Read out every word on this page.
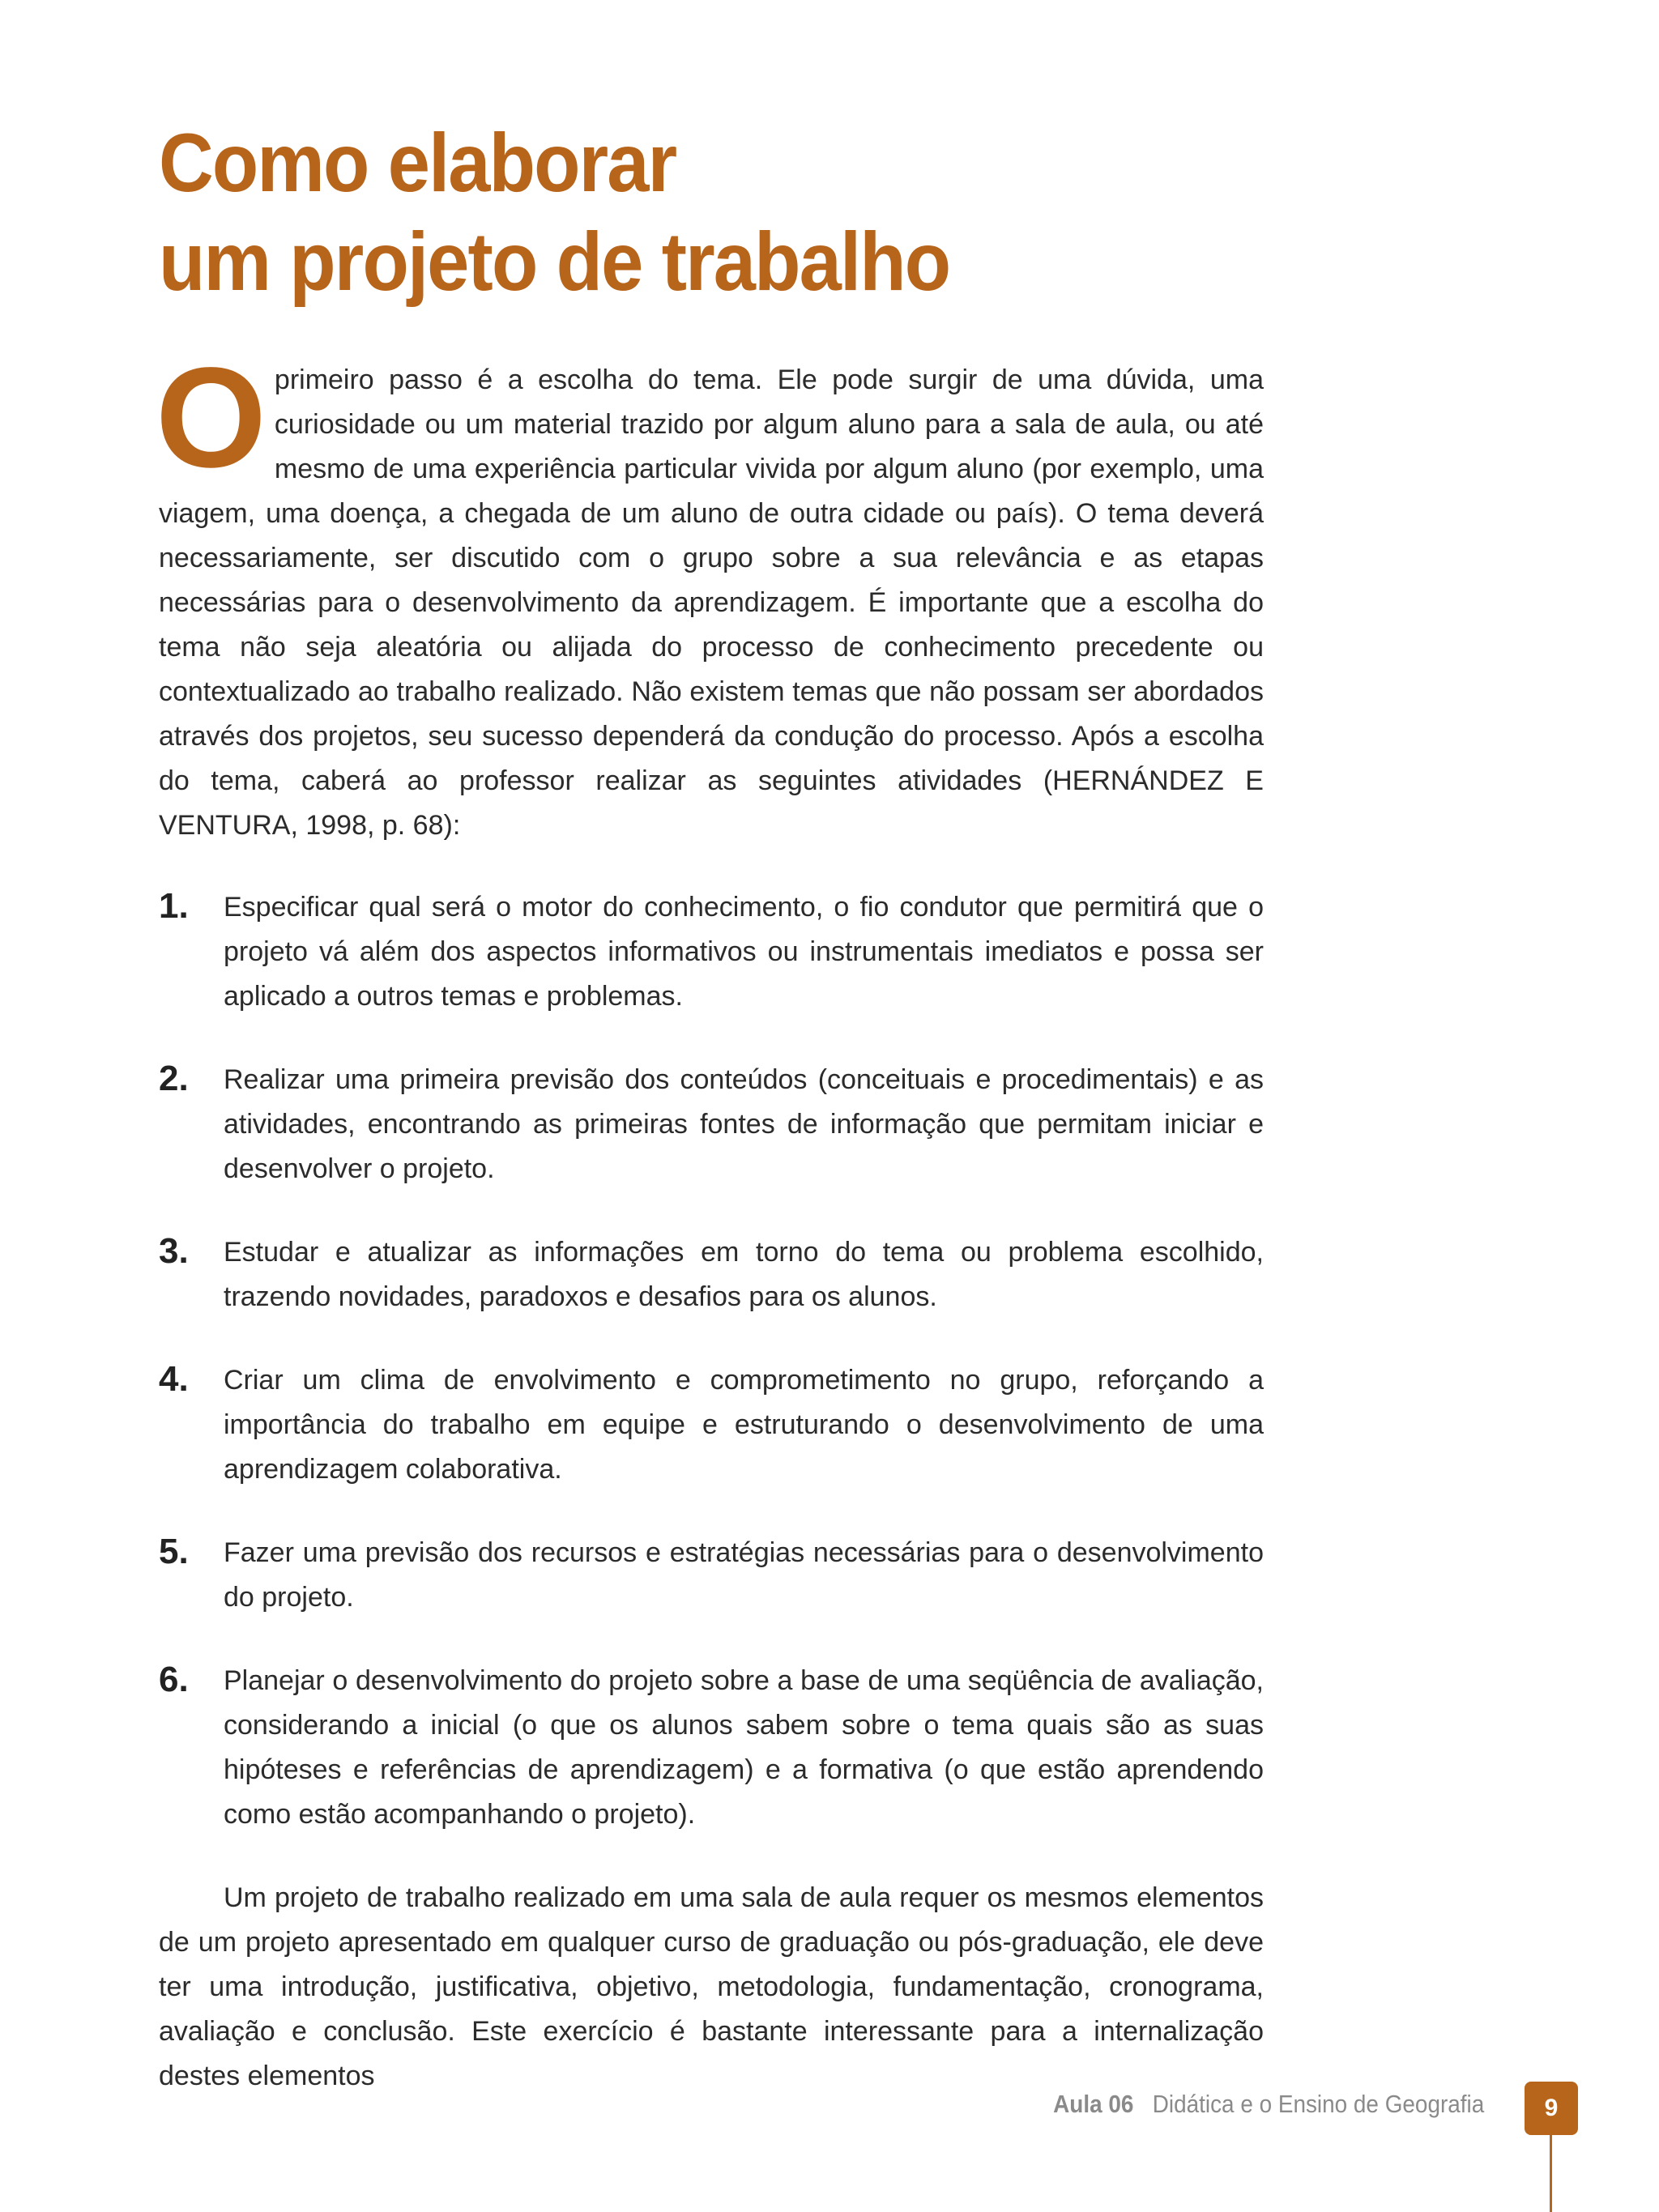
Como elaborar
um projeto de trabalho

O primeiro passo é a escolha do tema. Ele pode surgir de uma dúvida, uma curiosidade ou um material trazido por algum aluno para a sala de aula, ou até mesmo de uma experiência particular vivida por algum aluno (por exemplo, uma viagem, uma doença, a chegada de um aluno de outra cidade ou país). O tema deverá necessariamente, ser discutido com o grupo sobre a sua relevância e as etapas necessárias para o desenvolvimento da aprendizagem. É importante que a escolha do tema não seja aleatória ou alijada do processo de conhecimento precedente ou contextualizado ao trabalho realizado. Não existem temas que não possam ser abordados através dos projetos, seu sucesso dependerá da condução do processo. Após a escolha do tema, caberá ao professor realizar as seguintes atividades (HERNÁNDEZ E VENTURA, 1998, p. 68):

1. Especificar qual será o motor do conhecimento, o fio condutor que permitirá que o projeto vá além dos aspectos informativos ou instrumentais imediatos e possa ser aplicado a outros temas e problemas.
2. Realizar uma primeira previsão dos conteúdos (conceituais e procedimentais) e as atividades, encontrando as primeiras fontes de informação que permitam iniciar e desenvolver o projeto.
3. Estudar e atualizar as informações em torno do tema ou problema escolhido, trazendo novidades, paradoxos e desafios para os alunos.
4. Criar um clima de envolvimento e comprometimento no grupo, reforçando a importância do trabalho em equipe e estruturando o desenvolvimento de uma aprendizagem colaborativa.
5. Fazer uma previsão dos recursos e estratégias necessárias para o desenvolvimento do projeto.
6. Planejar o desenvolvimento do projeto sobre a base de uma seqüência de avaliação, considerando a inicial (o que os alunos sabem sobre o tema quais são as suas hipóteses e referências de aprendizagem) e a formativa (o que estão aprendendo como estão acompanhando o projeto).

Um projeto de trabalho realizado em uma sala de aula requer os mesmos elementos de um projeto apresentado em qualquer curso de graduação ou pós-graduação, ele deve ter uma introdução, justificativa, objetivo, metodologia, fundamentação, cronograma, avaliação e conclusão. Este exercício é bastante interessante para a internalização destes elementos

Aula 06 Didática e o Ensino de Geografia	9
